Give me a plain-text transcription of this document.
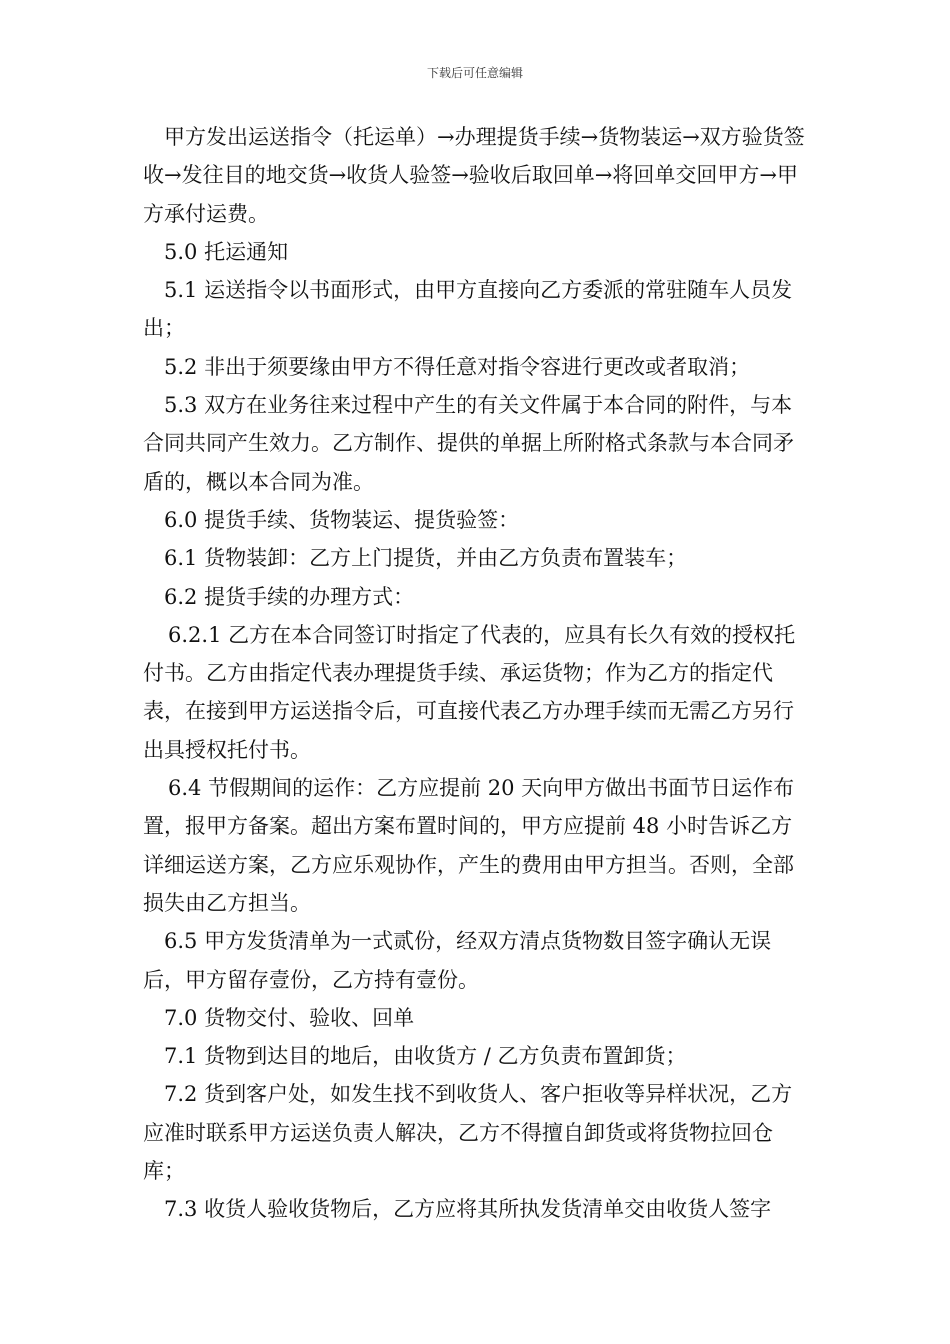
下载后可任意编辑

甲方发出运送指令（托运单）→办理提货手续→货物装运→双方验货签收→发往目的地交货→收货人验签→验收后取回单→将回单交回甲方→甲方承付运费。

5.0 托运通知

5.1 运送指令以书面形式，由甲方直接向乙方委派的常驻随车人员发出；

5.2 非出于须要缘由甲方不得任意对指令容进行更改或者取消；

5.3 双方在业务往来过程中产生的有关文件属于本合同的附件，与本合同共同产生效力。乙方制作、提供的单据上所附格式条款与本合同矛盾的，概以本合同为准。

6.0 提货手续、货物装运、提货验签：

6.1 货物装卸：乙方上门提货，并由乙方负责布置装车；

6.2 提货手续的办理方式：

6.2.1 乙方在本合同签订时指定了代表的，应具有长久有效的授权托付书。乙方由指定代表办理提货手续、承运货物；作为乙方的指定代表，在接到甲方运送指令后，可直接代表乙方办理手续而无需乙方另行出具授权托付书。

6.4 节假期间的运作：乙方应提前 20 天向甲方做出书面节日运作布置，报甲方备案。超出方案布置时间的，甲方应提前 48 小时告诉乙方详细运送方案，乙方应乐观协作，产生的费用由甲方担当。否则，全部损失由乙方担当。

6.5 甲方发货清单为一式贰份，经双方清点货物数目签字确认无误后，甲方留存壹份，乙方持有壹份。

7.0 货物交付、验收、回单

7.1 货物到达目的地后，由收货方 / 乙方负责布置卸货；

7.2 货到客户处，如发生找不到收货人、客户拒收等异样状况，乙方应准时联系甲方运送负责人解决，乙方不得擅自卸货或将货物拉回仓库；

7.3 收货人验收货物后，乙方应将其所执发货清单交由收货人签字
